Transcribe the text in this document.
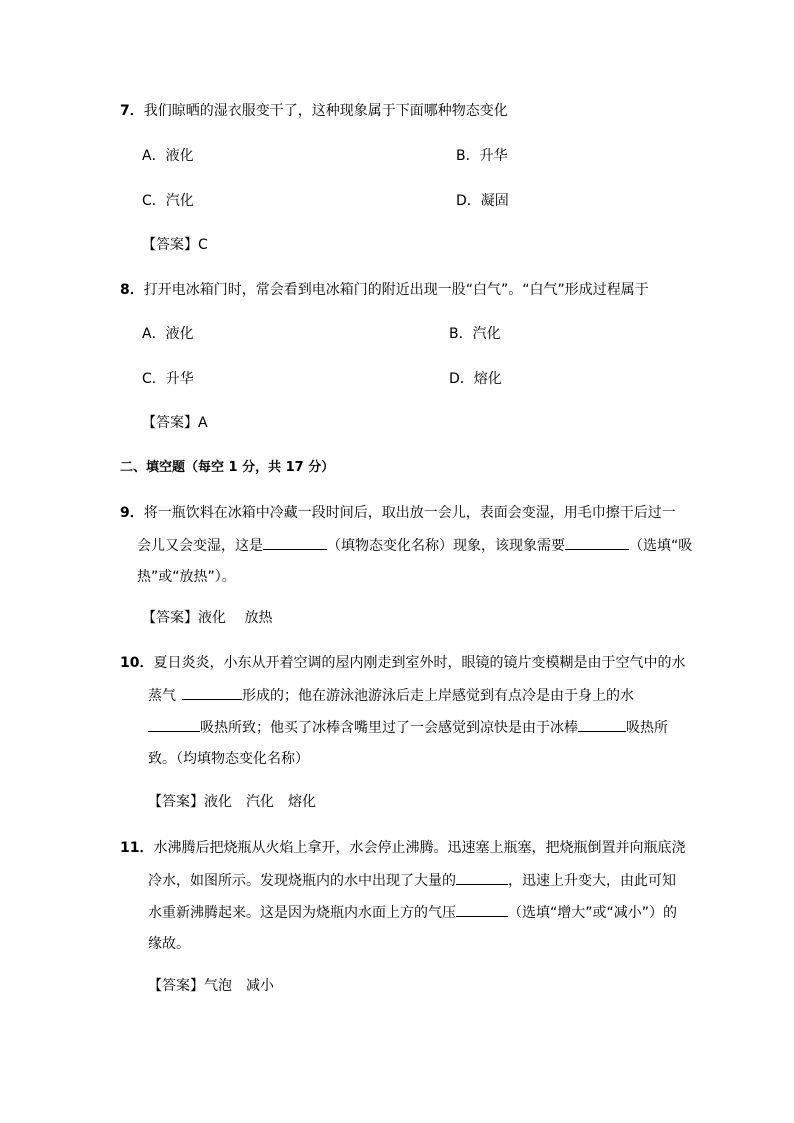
7．我们晾晒的湿衣服变干了，这种现象属于下面哪种物态变化
A．液化	B．升华
C．汽化	D．凝固
【答案】C
8．打开电冰箱门时，常会看到电冰箱门的附近出现一股“白气”。“白气”形成过程属于
A．液化	B．汽化
C．升华	D．熔化
【答案】A
二、填空题（每空 1 分，共 17 分）
9．将一瓶饮料在冰箱中冷藏一段时间后，取出放一会儿，表面会变湿，用毛巾擦干后过一
会儿又会变湿，这是	（填物态变化名称）现象，该现象需要	（选填“吸
热”或“放热”）。
【答案】液化　 放热
10．夏日炎炎，小东从开着空调的屋内刚走到室外时，眼镜的镜片变模糊是由于空气中的水
蒸气	形成的；他在游泳池游泳后走上岸感觉到有点冷是由于身上的水
吸热所致；他买了冰棒含嘴里过了一会感觉到凉快是由于冰棒	吸热所
致。（均填物态变化名称）
【答案】液化　汽化　熔化
11．水沸腾后把烧瓶从火焰上拿开，水会停止沸腾。迅速塞上瓶塞，把烧瓶倒置并向瓶底浇
冷水，如图所示。发现烧瓶内的水中出现了大量的	，迅速上升变大，由此可知
水重新沸腾起来。这是因为烧瓶内水面上方的气压	（选填“增大”或“减小”）的
缘故。
【答案】气泡　减小
